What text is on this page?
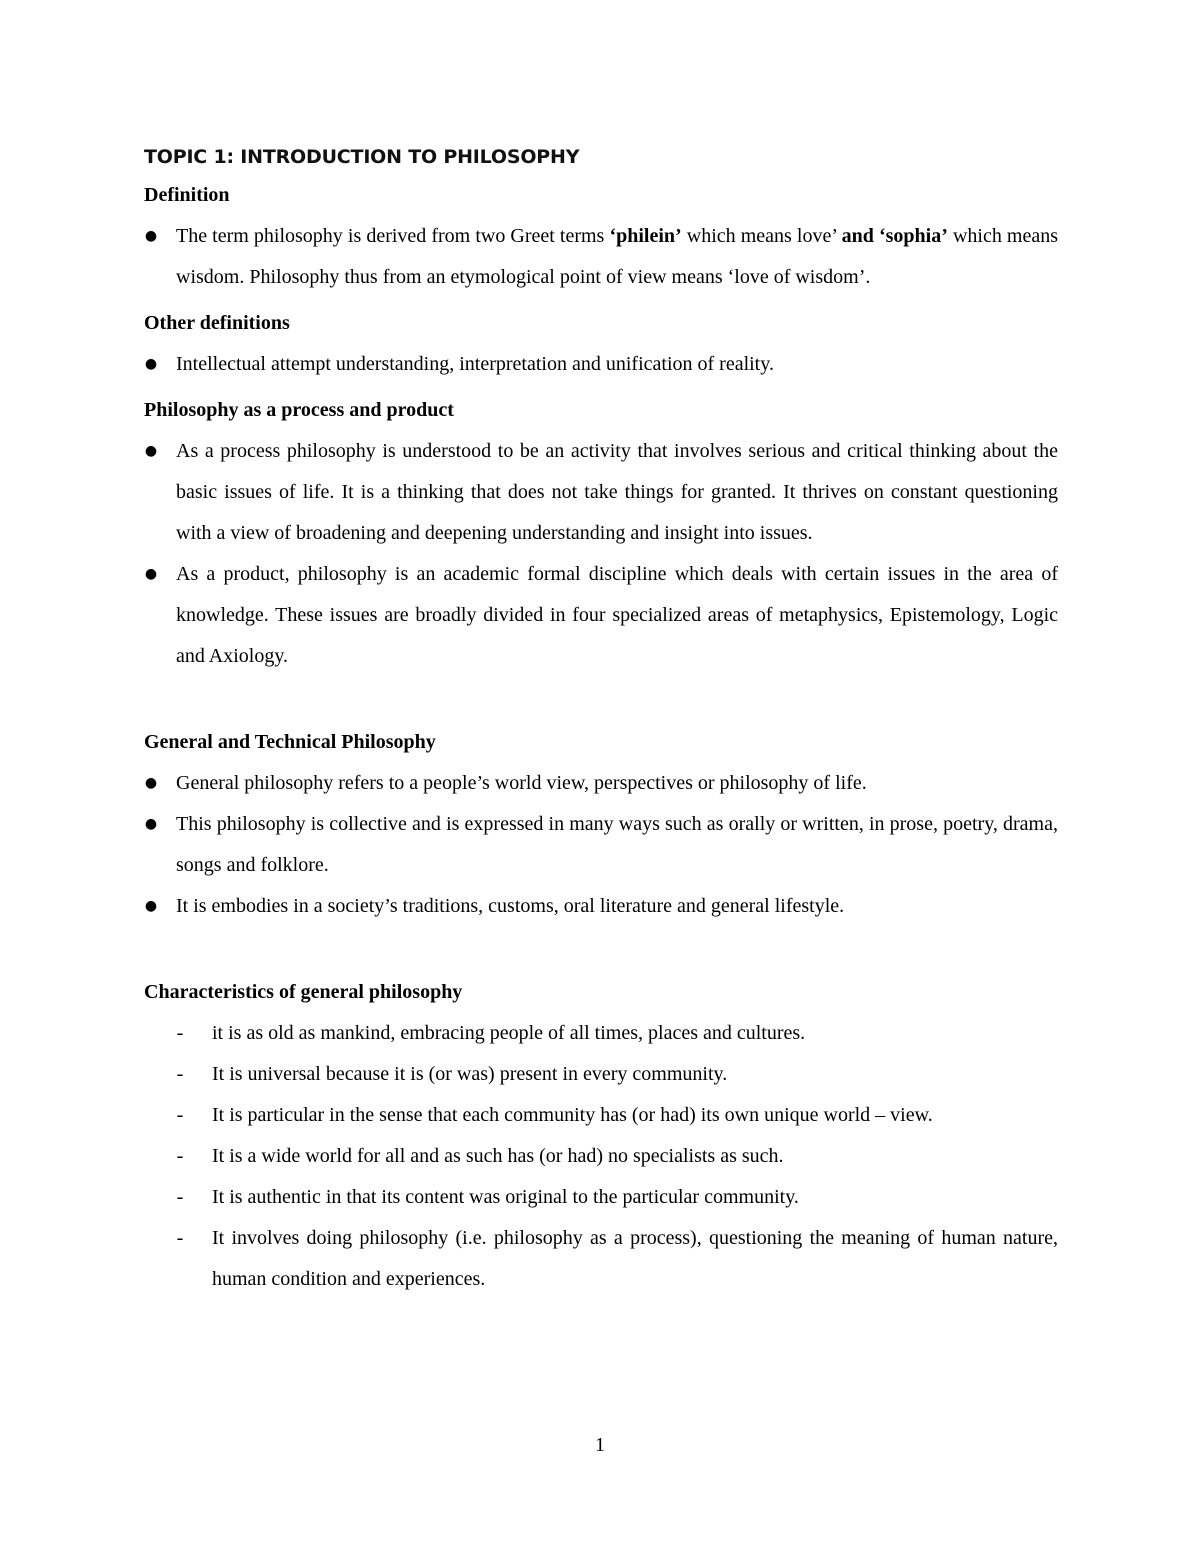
TOPIC 1: INTRODUCTION TO PHILOSOPHY
Definition
● The term philosophy is derived from two Greet terms ‘philein’ which means love’ and ‘sophia’ which means wisdom. Philosophy thus from an etymological point of view means ‘love of wisdom’.
Other definitions
● Intellectual attempt understanding, interpretation and unification of reality.
Philosophy as a process and product
● As a process philosophy is understood to be an activity that involves serious and critical thinking about the basic issues of life. It is a thinking that does not take things for granted. It thrives on constant questioning with a view of broadening and deepening understanding and insight into issues.
● As a product, philosophy is an academic formal discipline which deals with certain issues in the area of knowledge. These issues are broadly divided in four specialized areas of metaphysics, Epistemology, Logic and Axiology.
General and Technical Philosophy
● General philosophy refers to a people’s world view, perspectives or philosophy of life.
● This philosophy is collective and is expressed in many ways such as orally or written, in prose, poetry, drama, songs and folklore.
● It is embodies in a society’s traditions, customs, oral literature and general lifestyle.
Characteristics of general philosophy
- it is as old as mankind, embracing people of all times, places and cultures.
- It is universal because it is (or was) present in every community.
- It is particular in the sense that each community has (or had) its own unique world – view.
- It is a wide world for all and as such has (or had) no specialists as such.
- It is authentic in that its content was original to the particular community.
- It involves doing philosophy (i.e. philosophy as a process), questioning the meaning of human nature, human condition and experiences.
1
